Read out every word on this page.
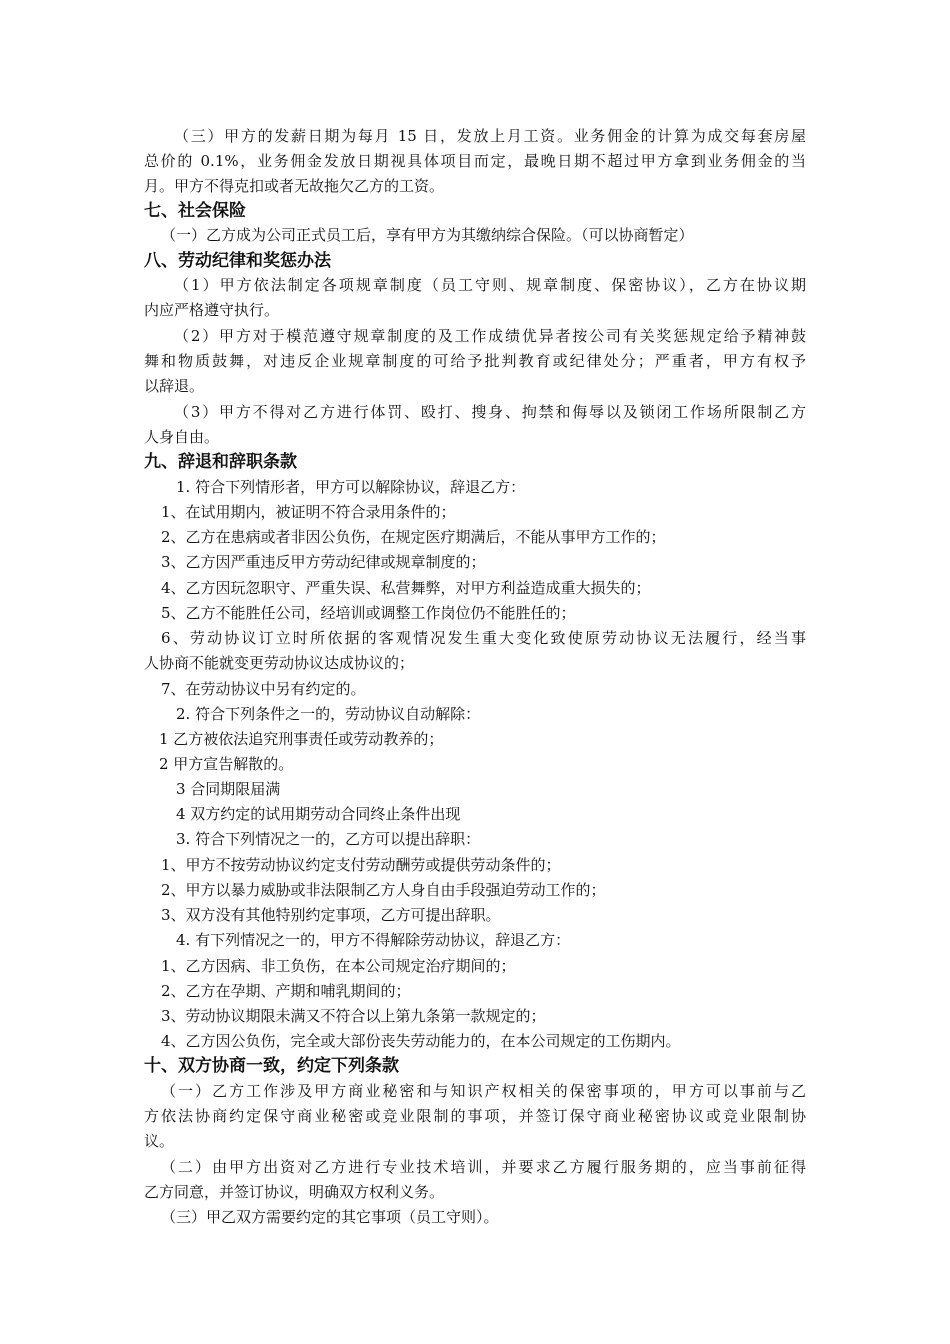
（三）甲方的发薪日期为每月 15 日，发放上月工资。业务佣金的计算为成交每套房屋
总价的 0.1%，业务佣金发放日期视具体项目而定，最晚日期不超过甲方拿到业务佣金的当
月。甲方不得克扣或者无故拖欠乙方的工资。
七、社会保险
（一）乙方成为公司正式员工后，享有甲方为其缴纳综合保险。（可以协商暂定）
八、劳动纪律和奖惩办法
（1）甲方依法制定各项规章制度（员工守则、规章制度、保密协议），乙方在协议期
内应严格遵守执行。
（2）甲方对于模范遵守规章制度的及工作成绩优异者按公司有关奖惩规定给予精神鼓
舞和物质鼓舞，对违反企业规章制度的可给予批判教育或纪律处分；严重者，甲方有权予
以辞退。
（3）甲方不得对乙方进行体罚、殴打、搜身、拘禁和侮辱以及锁闭工作场所限制乙方
人身自由。
九、辞退和辞职条款
1. 符合下列情形者，甲方可以解除协议，辞退乙方：
1、在试用期内，被证明不符合录用条件的；
2、乙方在患病或者非因公负伤，在规定医疗期满后，不能从事甲方工作的；
3、乙方因严重违反甲方劳动纪律或规章制度的；
4、乙方因玩忽职守、严重失误、私营舞弊，对甲方利益造成重大损失的；
5、乙方不能胜任公司，经培训或调整工作岗位仍不能胜任的；
6、劳动协议订立时所依据的客观情况发生重大变化致使原劳动协议无法履行，经当事
人协商不能就变更劳动协议达成协议的；
7、在劳动协议中另有约定的。
2. 符合下列条件之一的，劳动协议自动解除：
1 乙方被依法追究刑事责任或劳动教养的；
2 甲方宣告解散的。
3 合同期限届满
4 双方约定的试用期劳动合同终止条件出现
3. 符合下列情况之一的，乙方可以提出辞职：
1、甲方不按劳动协议约定支付劳动酬劳或提供劳动条件的；
2、甲方以暴力威胁或非法限制乙方人身自由手段强迫劳动工作的；
3、双方没有其他特别约定事项，乙方可提出辞职。
4. 有下列情况之一的，甲方不得解除劳动协议，辞退乙方：
1、乙方因病、非工负伤，在本公司规定治疗期间的；
2、乙方在孕期、产期和哺乳期间的；
3、劳动协议期限未满又不符合以上第九条第一款规定的；
4、乙方因公负伤，完全或大部份丧失劳动能力的，在本公司规定的工伤期内。
十、双方协商一致，约定下列条款
（一）乙方工作涉及甲方商业秘密和与知识产权相关的保密事项的，甲方可以事前与乙
方依法协商约定保守商业秘密或竞业限制的事项，并签订保守商业秘密协议或竞业限制协
议。
（二）由甲方出资对乙方进行专业技术培训，并要求乙方履行服务期的，应当事前征得
乙方同意，并签订协议，明确双方权利义务。
（三）甲乙双方需要约定的其它事项（员工守则）。
